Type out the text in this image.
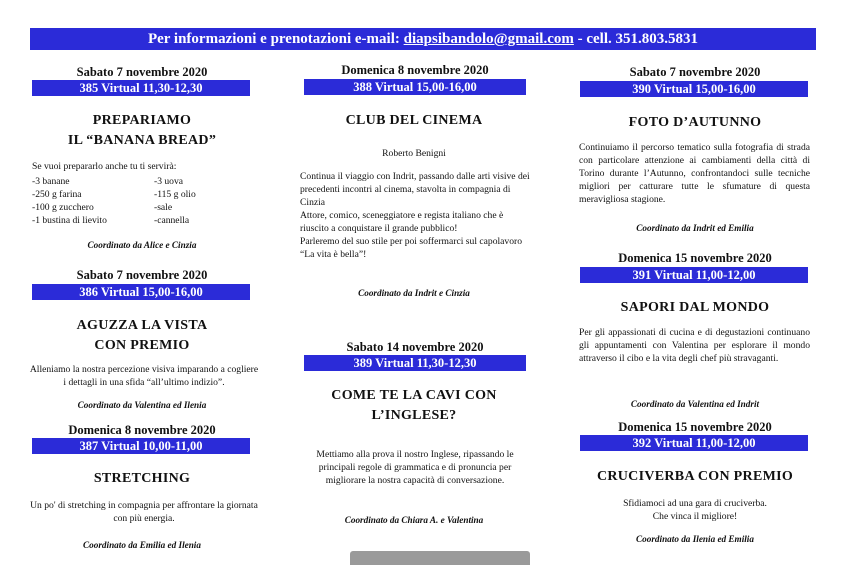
Per informazioni e prenotazioni e-mail: diapsibandolo@gmail.com - cell. 351.803.5831
Sabato 7 novembre 2020
385 Virtual 11,30-12,30
PREPARIAMO
IL “BANANA BREAD”
Se vuoi prepararlo anche tu ti servirà:
-3 banane
-250 g farina
-100 g zucchero
-1 bustina di lievito
-3 uova
-115 g olio
-sale
-cannella
Coordinato da Alice e Cinzia
Sabato 7 novembre 2020
386 Virtual 15,00-16,00
AGUZZA LA VISTA
CON PREMIO
Alleniamo la nostra percezione visiva imparando a cogliere i dettagli in una sfida “all’ultimo indizio”.
Coordinato da Valentina ed Ilenia
Domenica 8 novembre 2020
387 Virtual 10,00-11,00
STRETCHING
Un po' di stretching in compagnia per affrontare la giornata con più energia.
Coordinato da Emilia ed Ilenia
Domenica 8 novembre 2020
388 Virtual 15,00-16,00
CLUB DEL CINEMA
Roberto Benigni
Continua il viaggio con Indrit, passando dalle arti visive dei precedenti incontri al cinema, stavolta in compagnia di Cinzia
Attore, comico, sceneggiatore e regista italiano che è riuscito a conquistare il grande pubblico!
Parleremo del suo stile per poi soffermarci sul capolavoro “La vita è bella”!
Coordinato da Indrit e Cinzia
Sabato 14 novembre 2020
389 Virtual 11,30-12,30
COME TE LA CAVI CON
L’INGLESE?
Mettiamo alla prova il nostro Inglese, ripassando le principali regole di grammatica e di pronuncia per migliorare la nostra capacità di conversazione.
Coordinato da Chiara A. e Valentina
Sabato 7 novembre 2020
390 Virtual 15,00-16,00
FOTO D’AUTUNNO
Continuiamo il percorso tematico sulla fotografia di strada con particolare attenzione ai cambiamenti della città di Torino durante l’Autunno, confrontandoci sulle tecniche migliori per catturare tutte le sfumature di questa meravigliosa stagione.
Coordinato da Indrit ed Emilia
Domenica 15 novembre 2020
391 Virtual 11,00-12,00
SAPORI DAL MONDO
Per gli appassionati di cucina e di degustazioni continuano gli appuntamenti con Valentina per esplorare il mondo attraverso il cibo e la vita degli chef più stravaganti.
Coordinato da Valentina ed Indrit
Domenica 15 novembre 2020
392 Virtual 11,00-12,00
CRUCIVERBA CON PREMIO
Sfidiamoci ad una gara di cruciverba.
Che vinca il migliore!
Coordinato da Ilenia ed Emilia
